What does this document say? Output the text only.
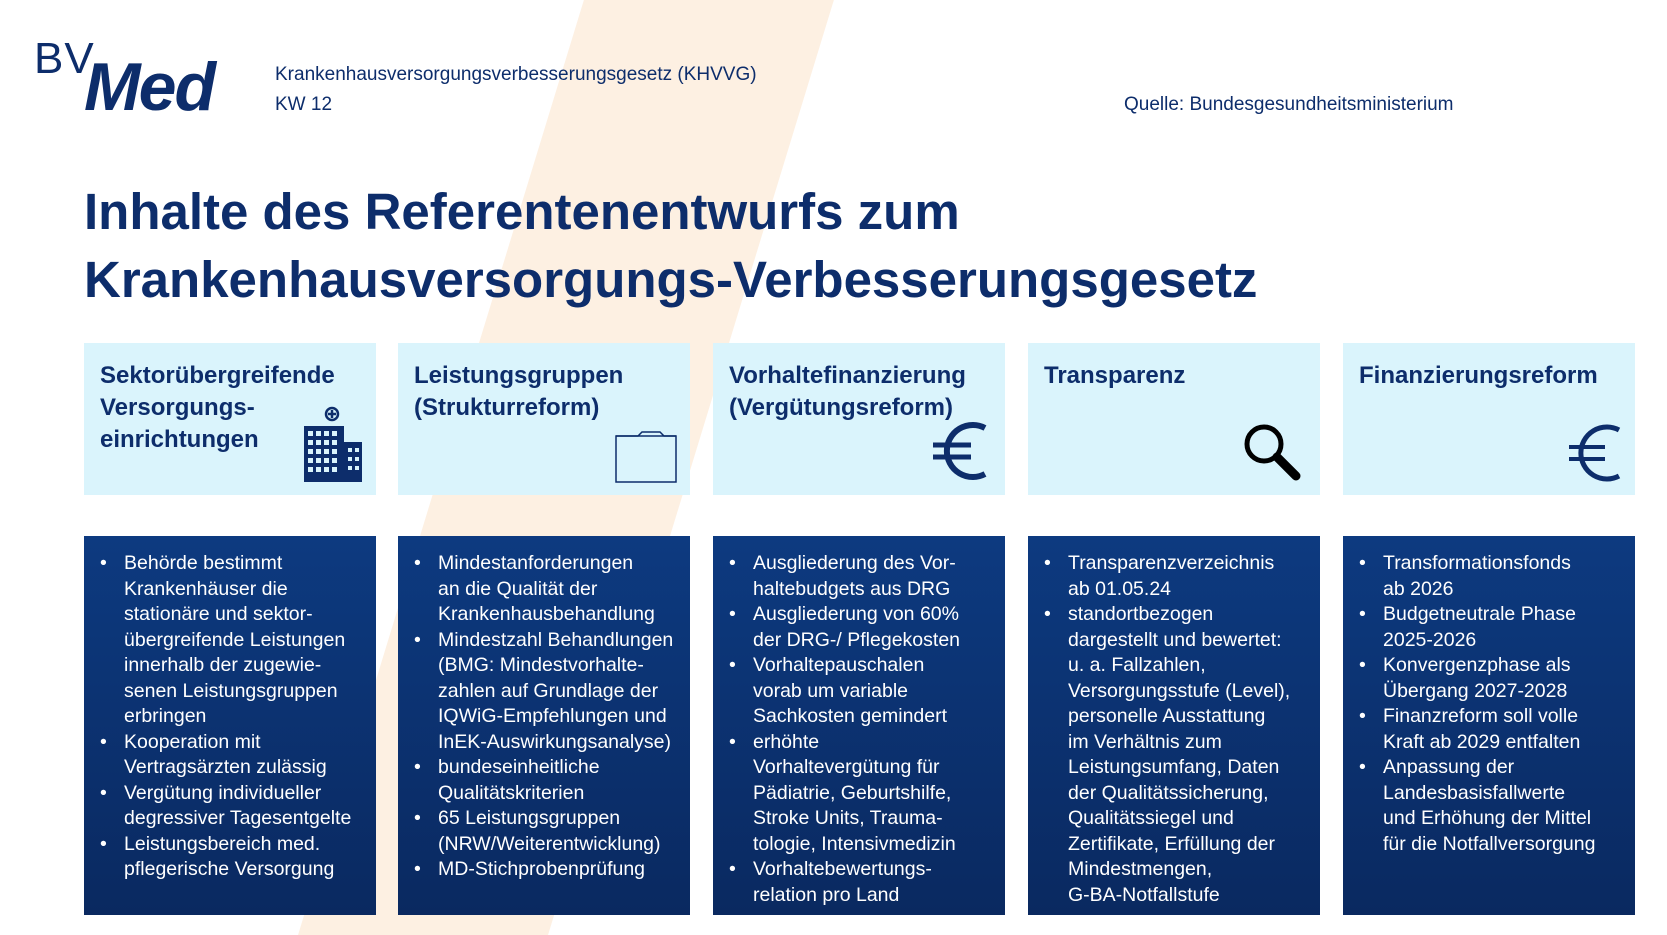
BV
Med	Krankenhausversorgungsverbesserungsgesetz (KHVVG)
KW 12	Quelle: Bundesgesundheitsministerium
Inhalte des Referentenentwurfs zum
Krankenhausversorgungs-Verbesserungsgesetz
Sektorübergreifende
Versorgungs-
einrichtungen
• Behörde bestimmt
Krankenhäuser die
stationäre und sektor-
übergreifende Leistungen
innerhalb der zugewie-
senen Leistungsgruppen
erbringen
• Kooperation mit
Vertragsärzten zulässig
• Vergütung individueller
degressiver Tagesentgelte
• Leistungsbereich med.
pflegerische Versorgung
Leistungsgruppen
(Strukturreform)
• Mindestanforderungen
an die Qualität der
Krankenhausbehandlung
• Mindestzahl Behandlungen
(BMG: Mindestvorhalte-
zahlen auf Grundlage der
IQWiG-Empfehlungen und
InEK-Auswirkungsanalyse)
• bundeseinheitliche
Qualitätskriterien
• 65 Leistungsgruppen
(NRW/Weiterentwicklung)
• MD-Stichprobenprüfung
Vorhaltefinanzierung
(Vergütungsreform)
• Ausgliederung des Vor-
haltebudgets aus DRG
• Ausgliederung von 60%
der DRG-/ Pflegekosten
• Vorhaltepauschalen
vorab um variable
Sachkosten gemindert
• erhöhte
Vorhaltevergütung für
Pädiatrie, Geburtshilfe,
Stroke Units, Trauma-
tologie, Intensivmedizin
• Vorhaltebewertungs-
relation pro Land
Transparenz
• Transparenzverzeichnis
ab 01.05.24
• standortbezogen
dargestellt und bewertet:
u. a. Fallzahlen,
Versorgungsstufe (Level),
personelle Ausstattung
im Verhältnis zum
Leistungsumfang, Daten
der Qualitätssicherung,
Qualitätssiegel und
Zertifikate, Erfüllung der
Mindestmengen,
G-BA-Notfallstufe
Finanzierungsreform
• Transformationsfonds
ab 2026
• Budgetneutrale Phase
2025-2026
• Konvergenzphase als
Übergang 2027-2028
• Finanzreform soll volle
Kraft ab 2029 entfalten
• Anpassung der
Landesbasisfallwerte
und Erhöhung der Mittel
für die Notfallversorgung
